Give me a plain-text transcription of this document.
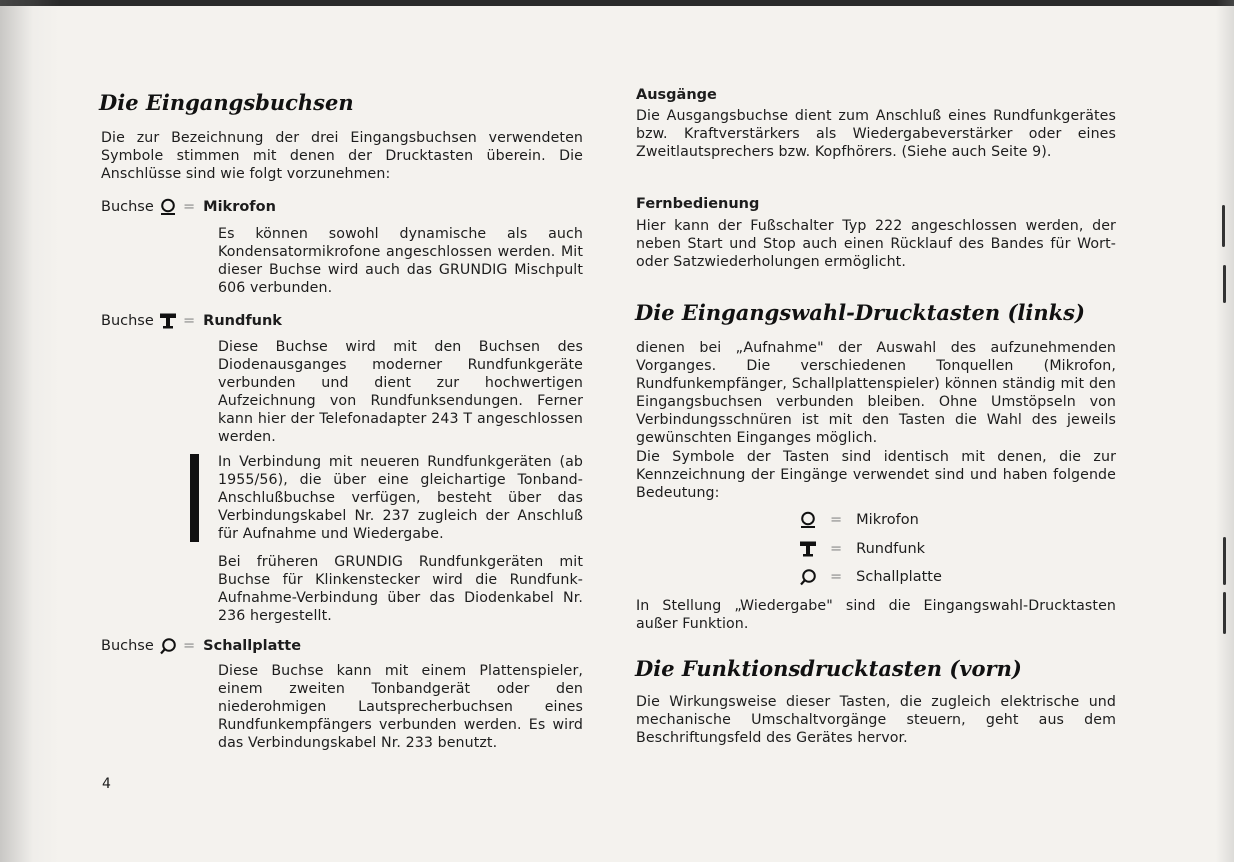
Die Eingangsbuchsen

Die zur Bezeichnung der drei Eingangsbuchsen verwendeten Symbole stimmen mit denen der Drucktasten überein. Die Anschlüsse sind wie folgt vorzunehmen:

Buchse = Mikrofon

Es können sowohl dynamische als auch Kondensatormikrofone angeschlossen werden. Mit dieser Buchse wird auch das GRUNDIG Mischpult 606 verbunden.

Buchse = Rundfunk

Diese Buchse wird mit den Buchsen des Diodenausganges moderner Rundfunkgeräte verbunden und dient zur hochwertigen Aufzeichnung von Rundfunksendungen. Ferner kann hier der Telefonadapter 243 T angeschlossen werden.

In Verbindung mit neueren Rundfunkgeräten (ab 1955/56), die über eine gleichartige Tonband-Anschlußbuchse verfügen, besteht über das Verbindungskabel Nr. 237 zugleich der Anschluß für Aufnahme und Wiedergabe.

Bei früheren GRUNDIG Rundfunkgeräten mit Buchse für Klinkenstecker wird die Rundfunk-Aufnahme-Verbindung über das Diodenkabel Nr. 236 hergestellt.

Buchse = Schallplatte

Diese Buchse kann mit einem Plattenspieler, einem zweiten Tonbandgerät oder den niederohmigen Lautsprecherbuchsen eines Rundfunkempfängers verbunden werden. Es wird das Verbindungskabel Nr. 233 benutzt.

4
Ausgänge

Die Ausgangsbuchse dient zum Anschluß eines Rundfunkgerätes bzw. Kraftverstärkers als Wiedergabeverstärker oder eines Zweitlautsprechers bzw. Kopfhörers. (Siehe auch Seite 9).

Fernbedienung

Hier kann der Fußschalter Typ 222 angeschlossen werden, der neben Start und Stop auch einen Rücklauf des Bandes für Wort- oder Satzwiederholungen ermöglicht.

Die Eingangswahl-Drucktasten (links)

dienen bei „Aufnahme" der Auswahl des aufzunehmenden Vorganges. Die verschiedenen Tonquellen (Mikrofon, Rundfunkempfänger, Schallplattenspieler) können ständig mit den Eingangsbuchsen verbunden bleiben. Ohne Umstöpseln von Verbindungsschnüren ist mit den Tasten die Wahl des jeweils gewünschten Einganges möglich.

Die Symbole der Tasten sind identisch mit denen, die zur Kennzeichnung der Eingänge verwendet sind und haben folgende Bedeutung:

= Mikrofon
= Rundfunk
= Schallplatte

In Stellung „Wiedergabe" sind die Eingangswahl-Drucktasten außer Funktion.

Die Funktionsdrucktasten (vorn)

Die Wirkungsweise dieser Tasten, die zugleich elektrische und mechanische Umschaltvorgänge steuern, geht aus dem Beschriftungsfeld des Gerätes hervor.
